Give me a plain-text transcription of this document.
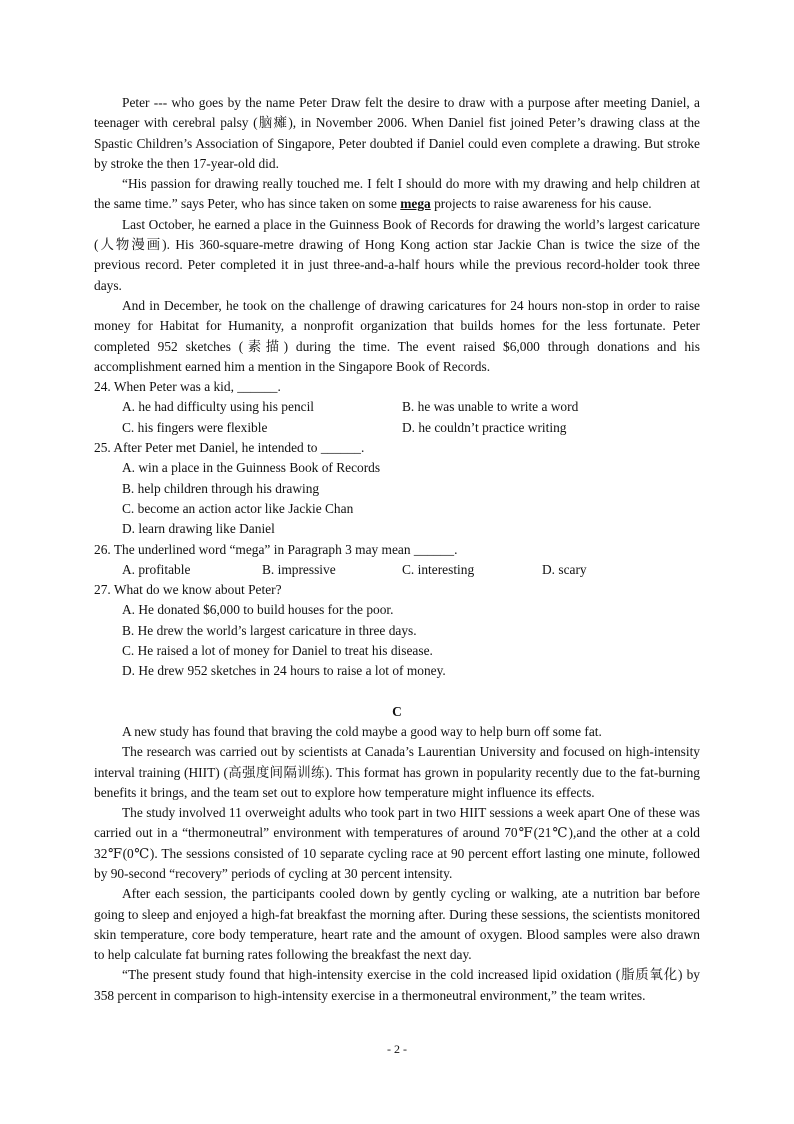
Peter --- who goes by the name Peter Draw felt the desire to draw with a purpose after meeting Daniel, a teenager with cerebral palsy (脑瘫), in November 2006. When Daniel fist joined Peter’s drawing class at the Spastic Children’s Association of Singapore, Peter doubted if Daniel could even complete a drawing. But stroke by stroke the then 17-year-old did.

“His passion for drawing really touched me. I felt I should do more with my drawing and help children at the same time.” says Peter, who has since taken on some mega projects to raise awareness for his cause.

Last October, he earned a place in the Guinness Book of Records for drawing the world’s largest caricature (人物漫画). His 360-square-metre drawing of Hong Kong action star Jackie Chan is twice the size of the previous record. Peter completed it in just three-and-a-half hours while the previous record-holder took three days.

And in December, he took on the challenge of drawing caricatures for 24 hours non-stop in order to raise money for Habitat for Humanity, a nonprofit organization that builds homes for the less fortunate. Peter completed 952 sketches (素描) during the time. The event raised $6,000 through donations and his accomplishment earned him a mention in the Singapore Book of Records.

24. When Peter was a kid, ______.
A. he had difficulty using his pencil	B. he was unable to write a word
C. his fingers were flexible	D. he couldn’t practice writing
25. After Peter met Daniel, he intended to ______.
A. win a place in the Guinness Book of Records
B. help children through his drawing
C. become an action actor like Jackie Chan
D. learn drawing like Daniel
26. The underlined word “mega” in Paragraph 3 may mean ______.
A. profitable	B. impressive	C. interesting	D. scary
27. What do we know about Peter?
A. He donated $6,000 to build houses for the poor.
B. He drew the world’s largest caricature in three days.
C. He raised a lot of money for Daniel to treat his disease.
D. He drew 952 sketches in 24 hours to raise a lot of money.
C

A new study has found that braving the cold maybe a good way to help burn off some fat.

The research was carried out by scientists at Canada’s Laurentian University and focused on high-intensity interval training (HIIT) (高强度间隔训练). This format has grown in popularity recently due to the fat-burning benefits it brings, and the team set out to explore how temperature might influence its effects.

The study involved 11 overweight adults who took part in two HIIT sessions a week apart One of these was carried out in a “thermoneutral” environment with temperatures of around 70℉(21℃),and the other at a cold 32℉(0℃). The sessions consisted of 10 separate cycling race at 90 percent effort lasting one minute, followed by 90-second “recovery” periods of cycling at 30 percent intensity.

After each session, the participants cooled down by gently cycling or walking, ate a nutrition bar before going to sleep and enjoyed a high-fat breakfast the morning after. During these sessions, the scientists monitored skin temperature, core body temperature, heart rate and the amount of oxygen. Blood samples were also drawn to help calculate fat burning rates following the breakfast the next day.

“The present study found that high-intensity exercise in the cold increased lipid oxidation (脂质氧化) by 358 percent in comparison to high-intensity exercise in a thermoneutral environment,” the team writes.

- 2 -
